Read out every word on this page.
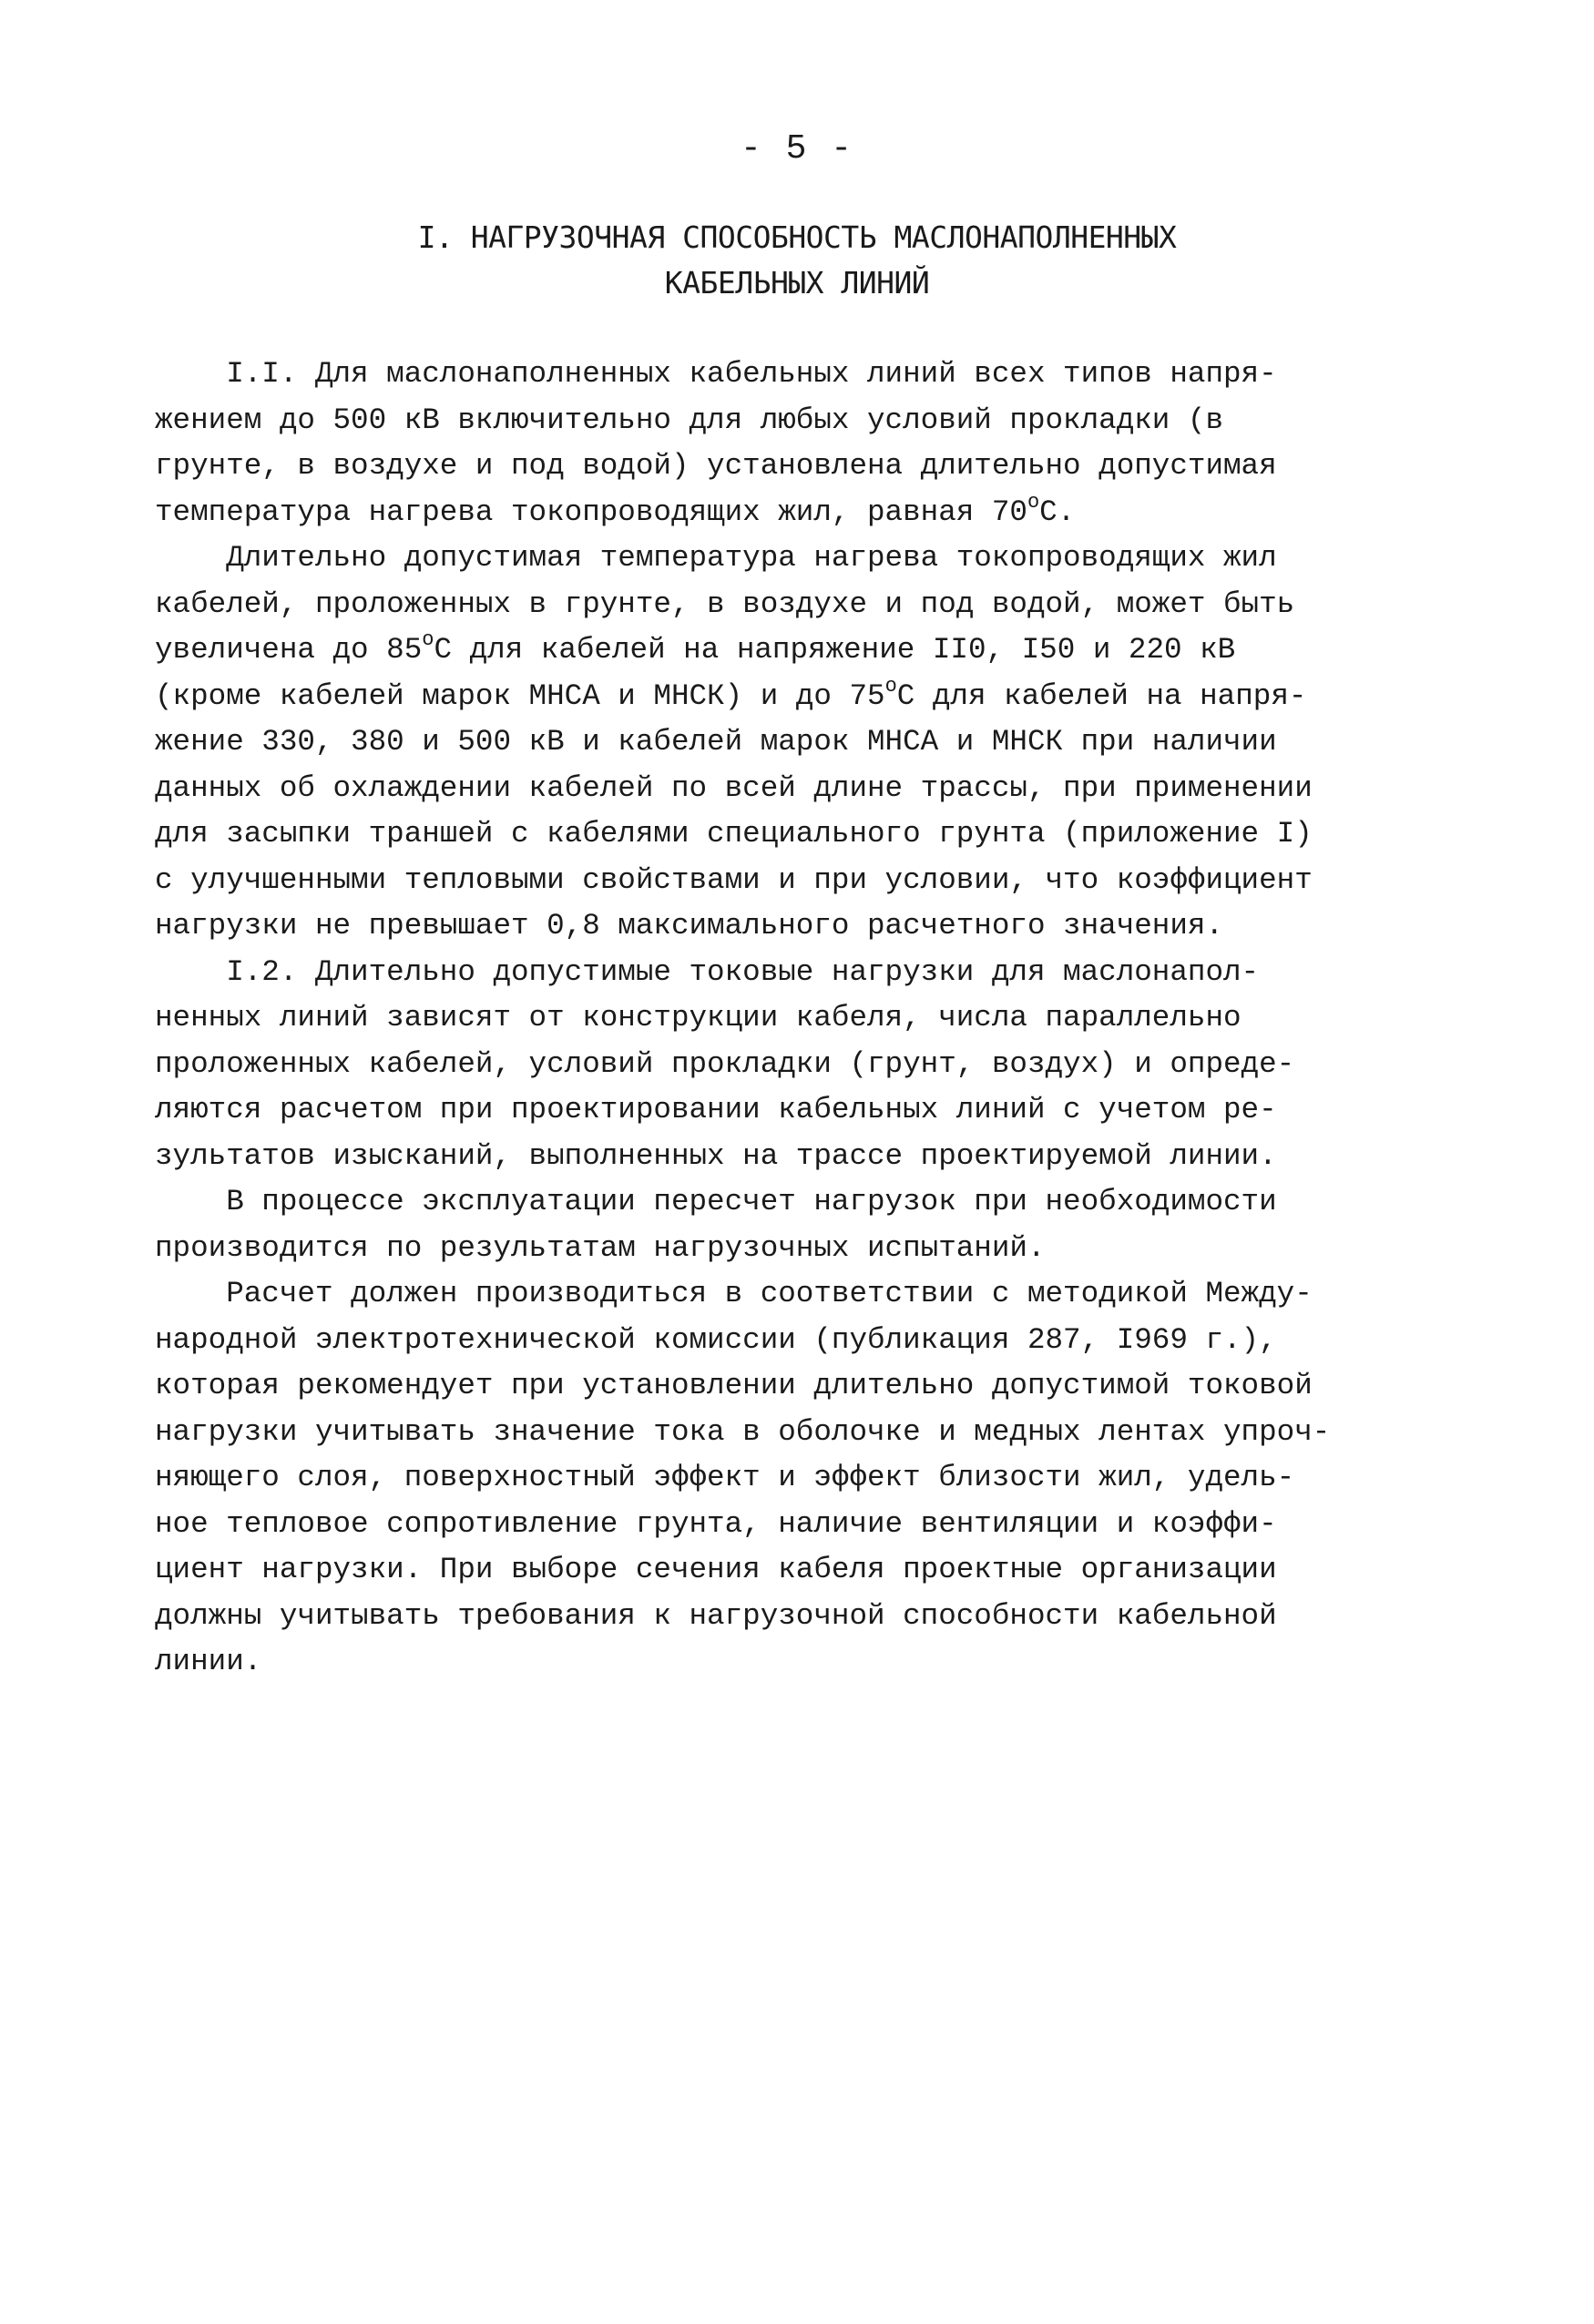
- 5 -
I. НАГРУЗОЧНАЯ СПОСОБНОСТЬ МАСЛОНАПОЛНЕННЫХ
КАБЕЛЬНЫХ ЛИНИЙ
I.I. Для маслонаполненных кабельных линий всех типов напря-
жением до 500 кВ включительно для любых условий прокладки (в
грунте, в воздухе и под водой) установлена длительно допустимая
температура нагрева токопроводящих жил, равная $70^оС$.
Длительно допустимая температура нагрева токопроводящих жил
кабелей, проложенных в грунте, в воздухе и под водой, может быть
увеличена до $85^оС$ для кабелей на напряжение II0, I50 и 220 кВ
(кроме кабелей марок МНСА и МНСК) и до $75^оС$ для кабелей на напря-
жение 330, 380 и 500 кВ и кабелей марок МНСА и МНСК при наличии
данных об охлаждении кабелей по всей длине трассы, при применении
для засыпки траншей с кабелями специального грунта (приложение I)
с улучшенными тепловыми свойствами и при условии, что коэффициент
нагрузки не превышает 0,8 максимального расчетного значения.
I.2. Длительно допустимые токовые нагрузки для маслонапол-
ненных линий зависят от конструкции кабеля, числа параллельно
проложенных кабелей, условий прокладки (грунт, воздух) и опреде-
ляются расчетом при проектировании кабельных линий с учетом ре-
зультатов изысканий, выполненных на трассе проектируемой линии.
В процессе эксплуатации пересчет нагрузок при необходимости
производится по результатам нагрузочных испытаний.
Расчет должен производиться в соответствии с методикой Между-
народной электротехнической комиссии (публикация 287, I969 г.),
которая рекомендует при установлении длительно допустимой токовой
нагрузки учитывать значение тока в оболочке и медных лентах упроч-
няющего слоя, поверхностный эффект и эффект близости жил, удель-
ное тепловое сопротивление грунта, наличие вентиляции и коэффи-
циент нагрузки. При выборе сечения кабеля проектные организации
должны учитывать требования к нагрузочной способности кабельной
линии.
